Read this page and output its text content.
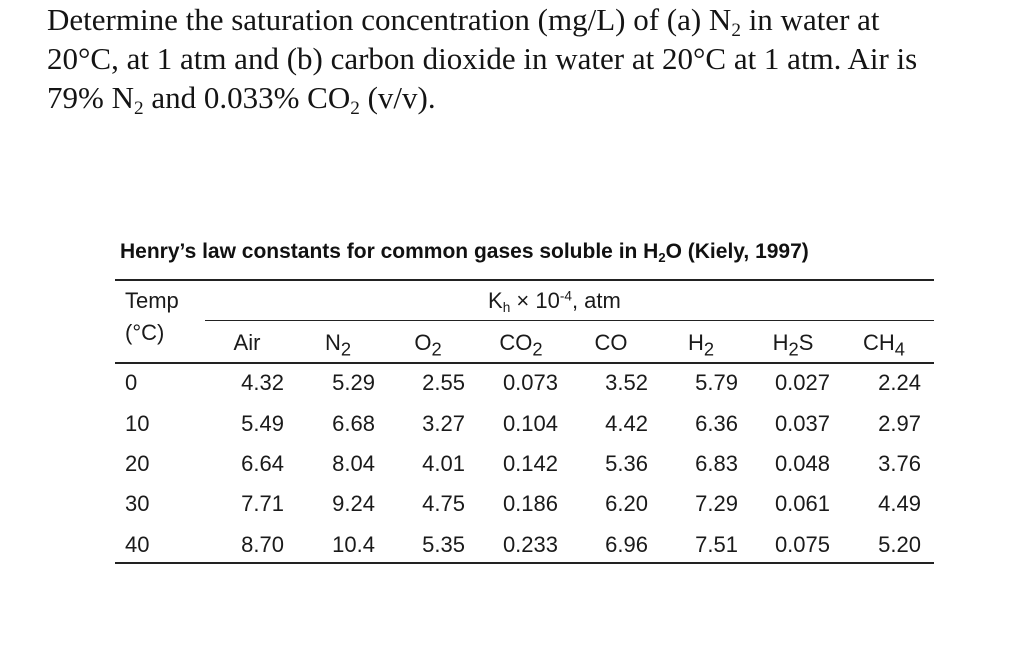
Determine the saturation concentration (mg/L) of (a) $N_2$ in water at

20°C, at 1 atm and (b) carbon dioxide in water at 20°C at 1 atm. Air is

79% $N_2$ and 0.033% $CO_2$ (v/v).

Henry’s law constants for common gases soluble in $H_2O$ (Kiely, 1997)
Temp
(°C)
$K_h \times 10^{-4}$, atm
Air	$N_2$	$O_2$	$CO_2$	CO	$H_2$	$H_2S$	$CH_4$
0	4.32	5.29	2.55	0.073	3.52	5.79	0.027	2.24
10	5.49	6.68	3.27	0.104	4.42	6.36	0.037	2.97
20	6.64	8.04	4.01	0.142	5.36	6.83	0.048	3.76
30	7.71	9.24	4.75	0.186	6.20	7.29	0.061	4.49
40	8.70	10.4	5.35	0.233	6.96	7.51	0.075	5.20
